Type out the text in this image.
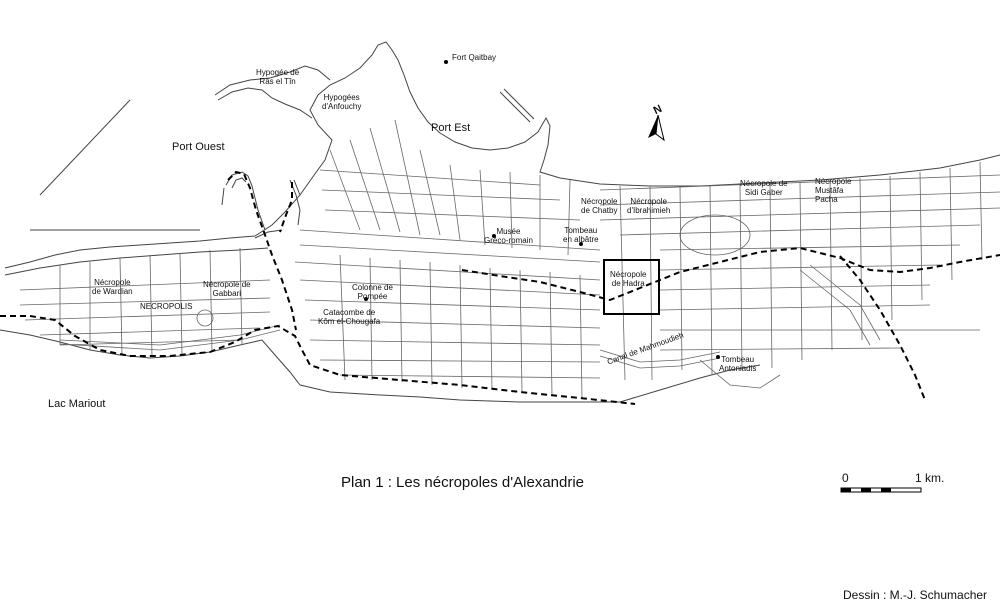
Fort Qaitbay
Hypogée de
Râs el Tîn
Hypogées
d'Anfouchy
Port Est
Port Ouest
N
Nécropole
de Chatby
Nécropole
d'Ibrahimieh
Nécropole de
Sidi Gaber
Nécropole
Mustâfa
Pacha
Musée
Gréco-romain
Tombeau
en albâtre
Nécropole
de Hadra
Nécropole
de Wardian
Nécropole de
Gabbari
NECROPOLIS
Colonne de
Pompée
Catacombe de
Kôm el-Chougafa
Canal de Mahmoudieh	Tombeau
Antoniadis
Lac Mariout
Plan 1 : Les nécropoles d'Alexandrie	0	1 km.
Dessin : M.-J. Schumacher
